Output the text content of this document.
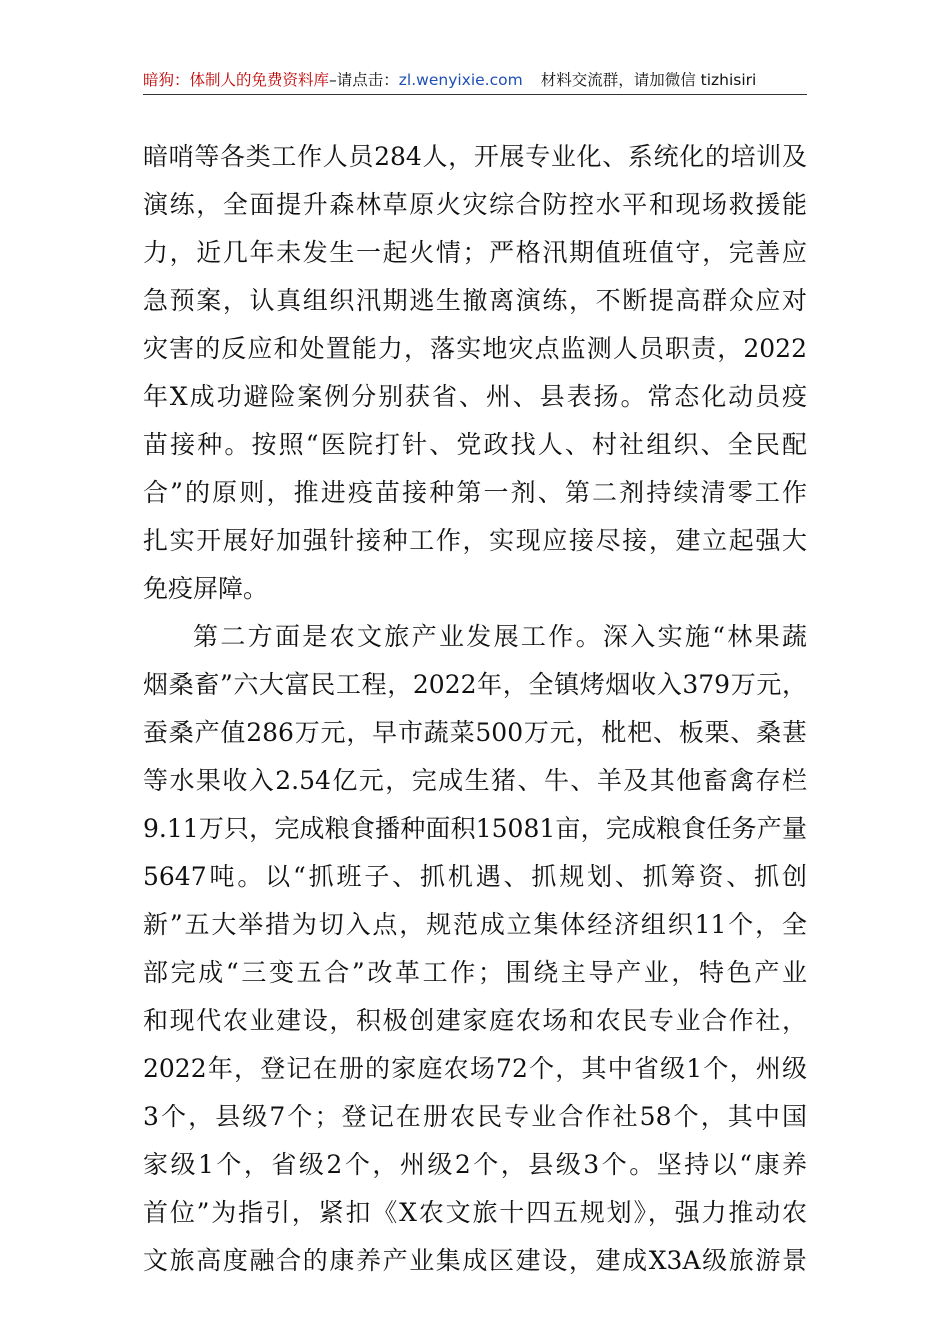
暗狗：体制人的免费资料库–请点击：zl.wenyixie.com 材料交流群，请加微信 tizhisiri
暗哨等各类工作人员284人，开展专业化、系统化的培训及
演练，全面提升森林草原火灾综合防控水平和现场救援能
力，近几年未发生一起火情；严格汛期值班值守，完善应
急预案，认真组织汛期逃生撤离演练，不断提高群众应对
灾害的反应和处置能力，落实地灾点监测人员职责，2022
年X成功避险案例分别获省、州、县表扬。常态化动员疫
苗接种。按照“医院打针、党政找人、村社组织、全民配
合”的原则，推进疫苗接种第一剂、第二剂持续清零工作
扎实开展好加强针接种工作，实现应接尽接，建立起强大
免疫屏障。
第二方面是农文旅产业发展工作。深入实施“林果蔬
烟桑畜”六大富民工程，2022年，全镇烤烟收入379万元，
蚕桑产值286万元，早市蔬菜500万元，枇杷、板栗、桑葚
等水果收入2.54亿元，完成生猪、牛、羊及其他畜禽存栏
9.11万只，完成粮食播种面积15081亩，完成粮食任务产量
5647吨。以“抓班子、抓机遇、抓规划、抓筹资、抓创
新”五大举措为切入点，规范成立集体经济组织11个，全
部完成“三变五合”改革工作；围绕主导产业，特色产业
和现代农业建设，积极创建家庭农场和农民专业合作社，
2022年，登记在册的家庭农场72个，其中省级1个，州级
3个，县级7个；登记在册农民专业合作社58个，其中国
家级1个，省级2个，州级2个，县级3个。坚持以“康养
首位”为指引，紧扣《X农文旅十四五规划》，强力推动农
文旅高度融合的康养产业集成区建设，建成X3A级旅游景
